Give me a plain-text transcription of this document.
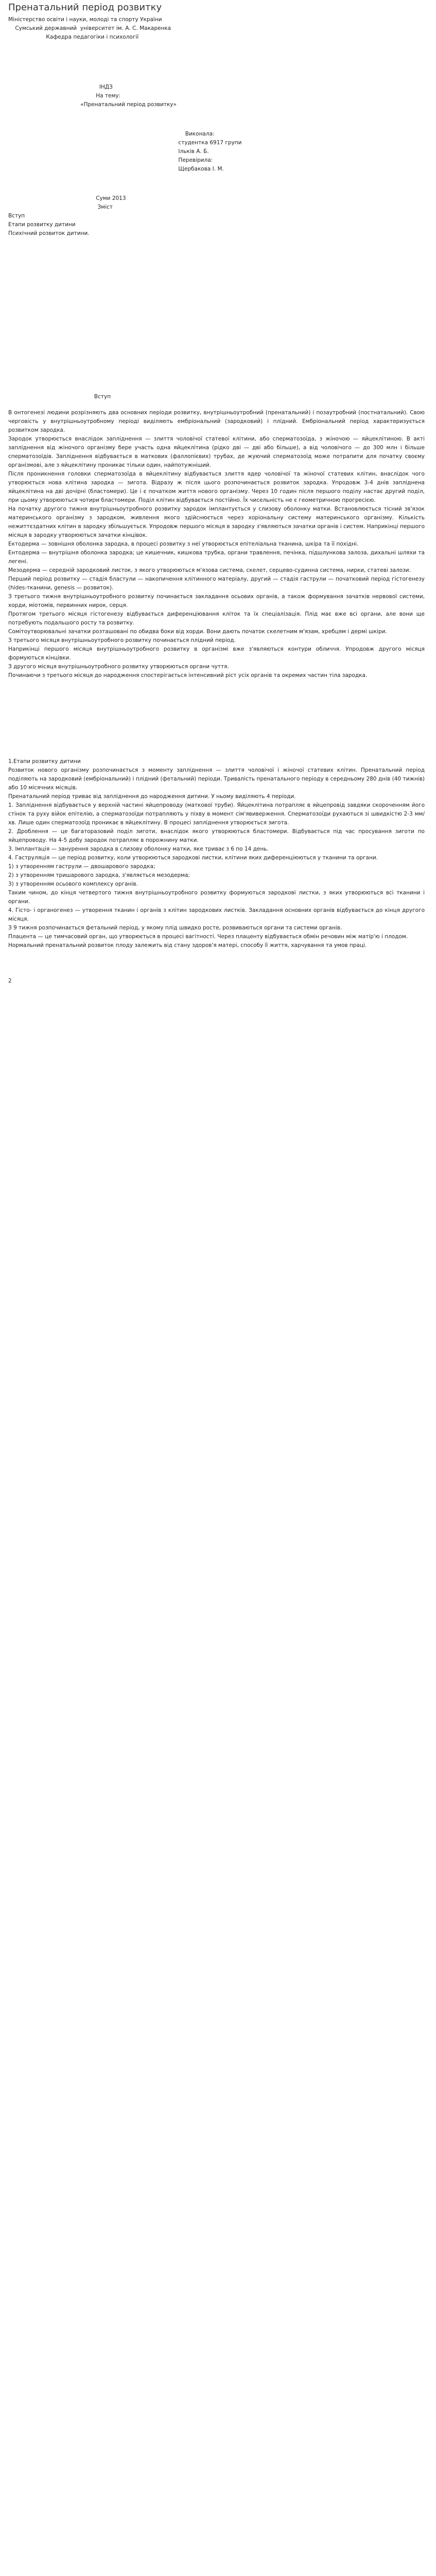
Пренатальний період розвитку
Міністерство освіти і науки, молоді та спорту України
Сумський державний  університет ім. А. С. Макаренка
Кафедра педагогіки і психології
ІНДЗ
На тему:
«Пренатальний період розвитку»
Виконала:
студентка 6917 групи
Ільків А. Б.
Перевірила:
Щербакова І. М.
Суми 2013
Зміст
Вступ
Етапи розвитку дитини
Психічний розвиток дитини.
Вступ

В онтогенезі людини розрізняють два основних періоди розвитку, внутрішньоутробний (пренатальний) і позаутробний (постнатальний). Свою черговість у внутрішньоутробному періоді виділяють ембріональний (зародковий) і плідний. Ембріональний період характеризується розвитком зародка.

Зародок утворюється внаслідок запліднення — злиття чоловічої статевої клітини, або сперматозоїда, з жіночою — яйцеклітиною. В акті запліднення від жіночого організму бере участь одна яйцеклітина (рідко дві — дві або більше), а від чоловічого — до 300 млн і більше сперматозоїдів. Запліднення відбувається в маткових (фаллопієвих) трубах, де жуючий сперматозоїд може потрапити для початку своєму організмові, але з яйцеклітину проникає тільки один, найпотужніший.

Після проникнення головки сперматозоїда в яйцеклітину відбувається злиття ядер чоловічої та жіночої статевих клітин, внаслідок чого утворюється нова клітина зародка — зигота. Відразу ж після цього розпочинається розвиток зародка. Упродовж 3-4 днів запліднена яйцеклітина на дві дочірні (бластомери). Це і є початком життя нового організму. Через 10 годин після першого поділу настає другий поділ, при цьому утворюються чотири бластомери. Поділ клітин відбувається постійно. Їх чисельність не є геометричною прогресією.

На початку другого тижня внутрішньоутробного розвитку зародок імплантується у слизову оболонку матки. Встановлюється тісний зв'язок материнського організму з зародком, живлення якого здійснюється через хоріональну систему материнського організму. Кількість нежиттєздатних клітин в зародку збільшується. Упродовж першого місяця в зародку з'являються зачатки органів і систем. Наприкінці першого місяця в зародку утворюються зачатки кінцівок.

Ектодерма — зовнішня оболонка зародка, в процесі розвитку з неї утворюється епітеліальна тканина, шкіра та її похідні.

Ентодерма — внутрішня оболонка зародка; це кишечник, кишкова трубка, органи травлення, печінка, підшлункова залоза, дихальні шляхи та легені.

Мезодерма — середній зародковий листок, з якого утворюються м'язова система, скелет, серцево-судинна система, нирки, статеві залози.

Перший період розвитку — стадія бластули — накопичення клітинного матеріалу, другий — стадія гаструли — початковий період гістогенезу (hides-тканини, genesis — розвиток).

З третього тижня внутрішньоутробного розвитку починається закладання осьових органів, а також формування зачатків нервової системи, хорди, міотомів, первинних нирок, серця.

Протягом третього місяця гістогенезу відбувається диференціювання кліток та їх спеціалізація. Плід має вже всі органи, але вони ще потребують подальшого росту та розвитку.

Сомітоутворювальні зачатки розташовані по обидва боки від хорди. Вони дають початок скелетним м'язам, хребцям і дермі шкіри.

З третього місяця внутрішньоутробного розвитку починається плідний період.

Наприкінці першого місяця внутрішньоутробного розвитку в організмі вже з'являються контури обличчя. Упродовж другого місяця формуються кінцівки.

З другого місяця внутрішньоутробного розвитку утворюються органи чуття.

Починаючи з третього місяця до народження спостерігається інтенсивний ріст усіх органів та окремих частин тіла зародка.

1.Етапи розвитку дитини

Розвиток нового організму розпочинається з моменту запліднення — злиття чоловічої і жіночої статевих клітин. Пренатальний період поділяють на зародковий (ембріональний) і плідний (фетальний) періоди. Тривалість пренатального періоду в середньому 280 днів (40 тижнів) або 10 місячних місяців.

Пренатальний період триває від запліднення до народження дитини. У ньому виділяють 4 періоди.

1. Запліднення відбувається у верхній частині яйцепроводу (маткової труби). Яйцеклітина потрапляє в яйцепровід завдяки скороченням його стінок та руху війок епітелію, а сперматозоїди потрапляють у піхву в момент сім'явиверження. Сперматозоїди рухаються зі швидкістю 2-3 мм/хв. Лише один сперматозоїд проникає в яйцеклітину. В процесі запліднення утворюється зигота.

2. Дроблення — це багаторазовий поділ зиготи, внаслідок якого утворюються бластомери. Відбувається під час просування зиготи по яйцепроводу. На 4-5 добу зародок потрапляє в порожнину матки.

3. Імплантація — занурення зародка в слизову оболонку матки, яке триває з 6 по 14 день.

4. Гаструляція — це період розвитку, коли утворюються зародкові листки, клітини яких диференціюються у тканини та органи.

1) з утворенням гаструли — двошарового зародка;

2) з утворенням тришарового зародка, з'являється мезодерма;

3) з утворенням осьового комплексу органів.

Таким чином, до кінця четвертого тижня внутрішньоутробного розвитку формуються зародкові листки, з яких утворюються всі тканини і органи.

4. Гісто- і органогенез — утворення тканин і органів з клітин зародкових листків. Закладання основних органів відбувається до кінця другого місяця.

З 9 тижня розпочинається фетальний період, у якому плід швидко росте, розвиваються органи та системи органів.

Плацента — це тимчасовий орган, що утворюється в процесі вагітності. Через плаценту відбувається обмін речовин між матір'ю і плодом.

Нормальний пренатальний розвиток плоду залежить від стану здоров'я матері, способу її життя, харчування та умов праці.

2
